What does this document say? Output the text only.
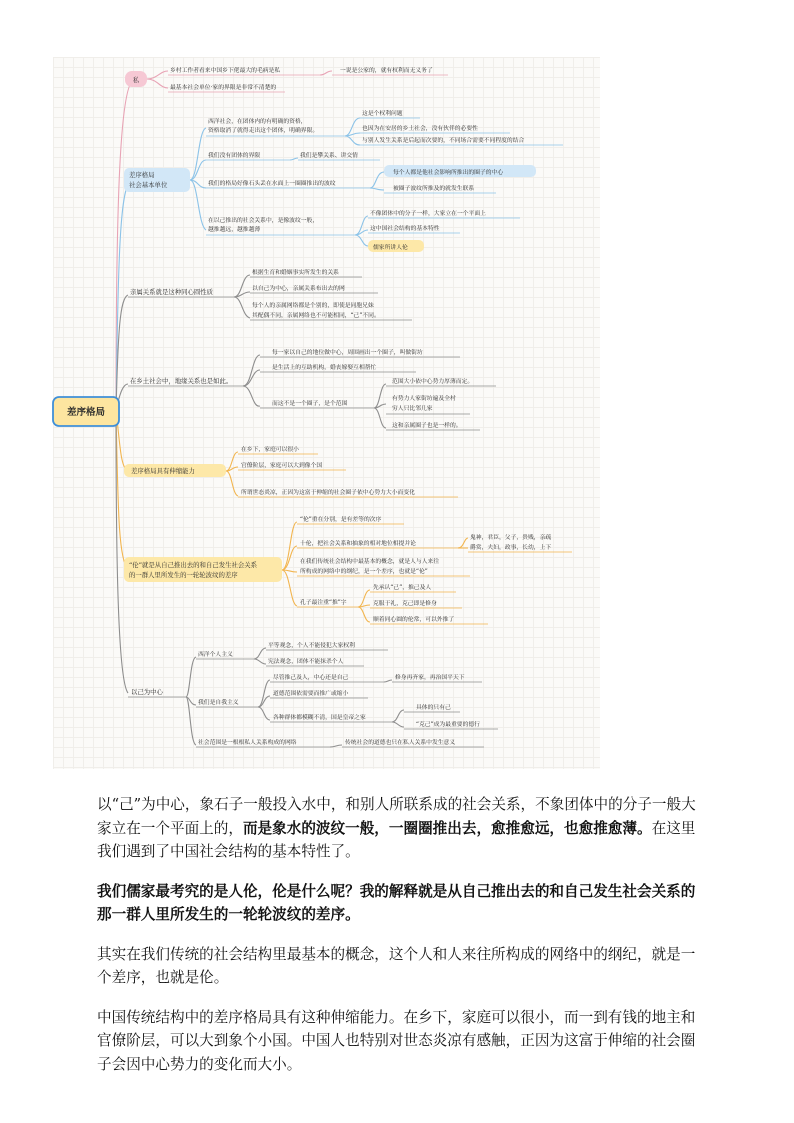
差序格局
私
乡村工作者看来中国乡下佬最大的毛病是私	一说是公家的，就有权利而无义务了
最基本社会单位·家的界限是非常不清楚的
差序格局
社会基本单位
西洋社会，在团体内的有明确的资格，
资格取消了就得走出这个团体，明确界限。
这是个权利问题
也因为在安居的乡土社会，没有伙伴的必要性
与别人发生关系是后起而次要的，不同场合需要不同程度的结合
我们没有团体的界限	我们是攀关系、讲交情
我们的格局好像石头丢在水面上一圈圈推出的波纹
每个人都是他社会影响所推出的圈子的中心
被圈子波纹所推及的就发生联系
在以己推出的社会关系中，是像波纹一般，
越推越远，越推越薄
不像团体中的分子一样，大家立在一个平面上
这中国社会结构的基本特性
儒家所讲人伦
亲属关系就是这种同心圆性质
根据生育和婚姻事实所发生的关系
以自己为中心，亲属关系布出去的网
每个人的亲属网络都是个别的，即使是同胞兄妹
其配偶不同，亲属网络也不可能相同，“己”不同。
在乡土社会中，地缘关系也是如此。
每一家以自己的地位做中心，周围画出一个圈子，叫做街坊
是生活上的互助机构，婚丧嫁娶互相帮忙
而这不是一个圈子，是个范围
范围大小依中心势力厚薄而定。
有势力人家街坊遍及全村
穷人只比邻几家
这和亲属圈子也是一样的。
差序格局具有伸缩能力
在乡下，家庭可以很小
官僚阶层，家庭可以大到像个国
所谓世态炎凉，正因为这富于伸缩的社会圈子依中心势力大小而变化
“伦”就是从自己推出去的和自己发生社会关系
的一群人里所发生的一轮轮波纹的差序
“伦”重在分别，是有差等的次序
十伦，把社会关系和抽象的相对地位相提并论
鬼神，君臣，父子，贵贱，亲疏
爵赏，夫妇，政事，长幼，上下
在我们传统社会结构中最基本的概念，就是人与人来往
所构成的网络中的纲纪，是一个差序，也就是“伦”
孔子最注重“推”字
先承认“己”，推己及人
克服于礼，克己即是修身
顺着同心圆的伦常，可以外推了
以己为中心
西洋个人主义
平等观念，个人不能侵犯大家权利
宪法观念，团体不能抹杀个人
我们是自我主义
尽管推己及人，中心还是自己	修身再齐家，再治国平天下
道德范围依需要而推广或缩小
各种群体都模糊不清，国是皇帝之家
具体的只有己
“克己”成为最重要的德行
社会范围是一根根私人关系构成的网络	传统社会的道德也只在私人关系中发生意义

以“己”为中心，象石子一般投入水中，和别人所联系成的社会关系，不象团体中的分子一般大家立在一个平面上的，而是象水的波纹一般，一圈圈推出去，愈推愈远，也愈推愈薄。在这里我们遇到了中国社会结构的基本特性了。

我们儒家最考究的是人伦，伦是什么呢？我的解释就是从自己推出去的和自己发生社会关系的那一群人里所发生的一轮轮波纹的差序。

其实在我们传统的社会结构里最基本的概念，这个人和人来往所构成的网络中的纲纪，就是一个差序，也就是伦。

中国传统结构中的差序格局具有这种伸缩能力。在乡下，家庭可以很小，而一到有钱的地主和官僚阶层，可以大到象个小国。中国人也特别对世态炎凉有感触，正因为这富于伸缩的社会圈子会因中心势力的变化而大小。
